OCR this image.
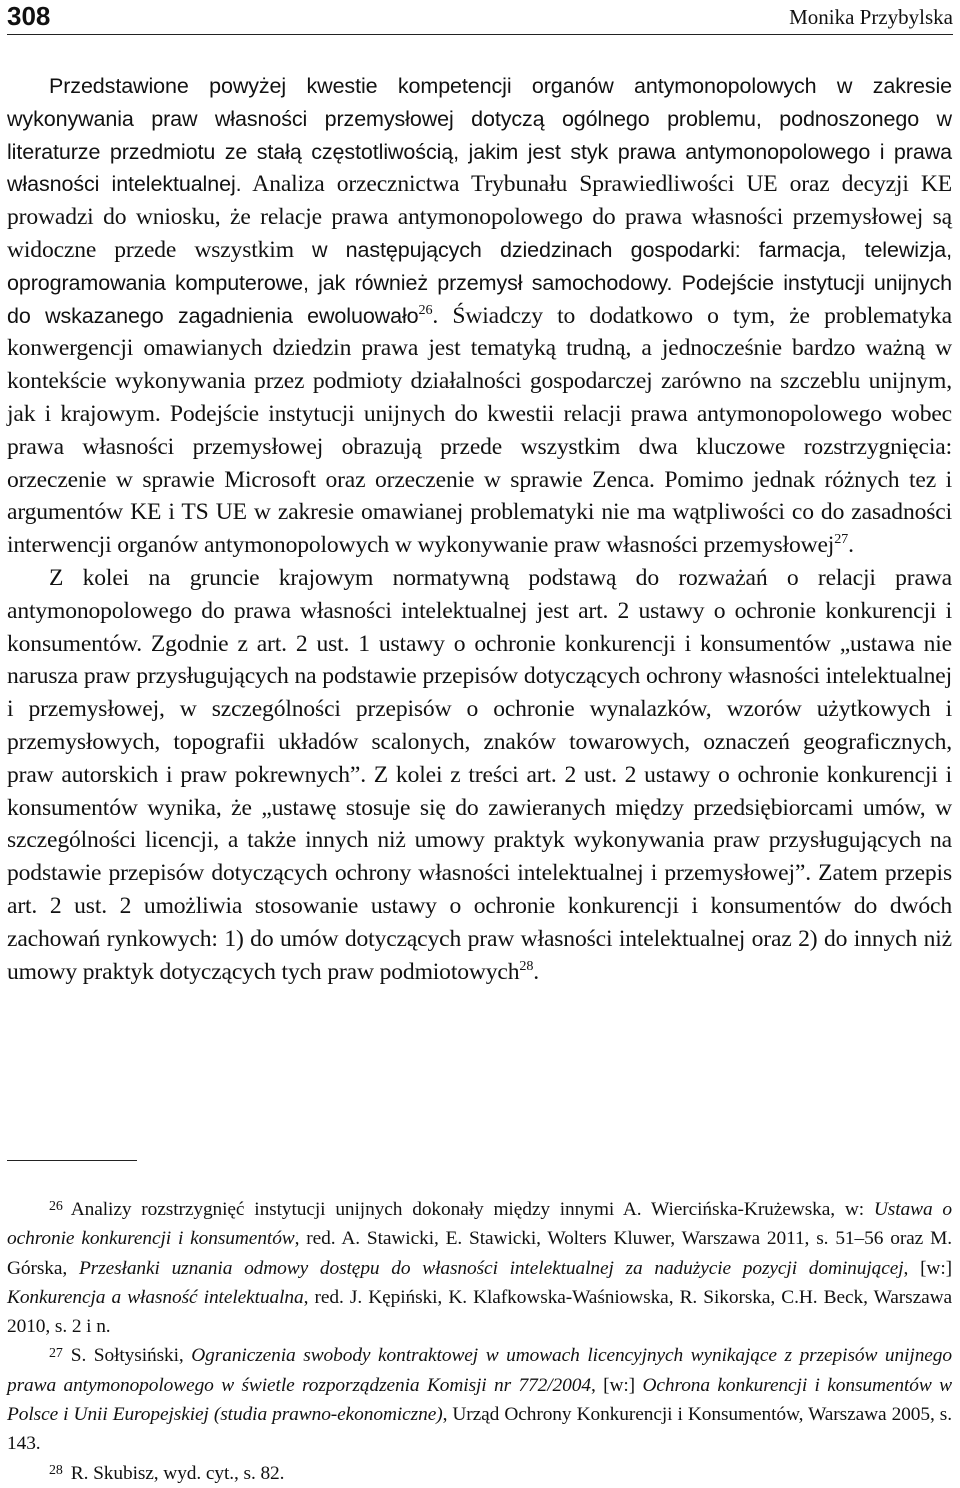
308	Monika Przybylska

Przedstawione powyżej kwestie kompetencji organów antymonopolowych w zakresie wykonywania praw własności przemysłowej dotyczą ogólnego problemu, podnoszonego w literaturze przedmiotu ze stałą częstotliwością, jakim jest styk prawa antymonopolowego i prawa własności intelektualnej. Analiza orzecznictwa Trybunału Sprawiedliwości UE oraz decyzji KE prowadzi do wniosku, że relacje prawa antymonopolowego do prawa własności przemysłowej są widoczne przede wszystkim w następujących dziedzinach gospodarki: farmacja, telewizja, oprogramowania komputerowe, jak również przemysł samochodowy. Podejście instytucji unijnych do wskazanego zagadnienia ewoluowało$^{26}$. Świadczy to dodatkowo o tym, że problematyka konwergencji omawianych dziedzin prawa jest tematyką trudną, a jednocześnie bardzo ważną w kontekście wykonywania przez podmioty działalności gospodarczej zarówno na szczeblu unijnym, jak i krajowym. Podejście instytucji unijnych do kwestii relacji prawa antymonopolowego wobec prawa własności przemysłowej obrazują przede wszystkim dwa kluczowe rozstrzygnięcia: orzeczenie w sprawie Microsoft oraz orzeczenie w sprawie Zenca. Pomimo jednak różnych tez i argumentów KE i TS UE w zakresie omawianej problematyki nie ma wątpliwości co do zasadności interwencji organów antymonopolowych w wykonywanie praw własności przemysłowej$^{27}$.

Z kolei na gruncie krajowym normatywną podstawą do rozważań o relacji prawa antymonopolowego do prawa własności intelektualnej jest art. 2 ustawy o ochronie konkurencji i konsumentów. Zgodnie z art. 2 ust. 1 ustawy o ochronie konkurencji i konsumentów „ustawa nie narusza praw przysługujących na podstawie przepisów dotyczących ochrony własności intelektualnej i przemysłowej, w szczególności przepisów o ochronie wynalazków, wzorów użytkowych i przemysłowych, topografii układów scalonych, znaków towarowych, oznaczeń geograficznych, praw autorskich i praw pokrewnych”. Z kolei z treści art. 2 ust. 2 ustawy o ochronie konkurencji i konsumentów wynika, że „ustawę stosuje się do zawieranych między przedsiębiorcami umów, w szczególności licencji, a także innych niż umowy praktyk wykonywania praw przysługujących na podstawie przepisów dotyczących ochrony własności intelektualnej i przemysłowej”. Zatem przepis art. 2 ust. 2 umożliwia stosowanie ustawy o ochronie konkurencji i konsumentów do dwóch zachowań rynkowych: 1) do umów dotyczących praw własności intelektualnej oraz 2) do innych niż umowy praktyk dotyczących tych praw podmiotowych$^{28}$.

$^{26}$ Analizy rozstrzygnięć instytucji unijnych dokonały między innymi A. Wiercińska-Krużewska, w: Ustawa o ochronie konkurencji i konsumentów, red. A. Stawicki, E. Stawicki, Wolters Kluwer, Warszawa 2011, s. 51–56 oraz M. Górska, Przesłanki uznania odmowy dostępu do własności intelektualnej za nadużycie pozycji dominującej, [w:] Konkurencja a własność intelektualna, red. J. Kępiński, K. Klafkowska-Waśniowska, R. Sikorska, C.H. Beck, Warszawa 2010, s. 2 i n.

$^{27}$ S. Sołtysiński, Ograniczenia swobody kontraktowej w umowach licencyjnych wynikające z przepisów unijnego prawa antymonopolowego w świetle rozporządzenia Komisji nr 772/2004, [w:] Ochrona konkurencji i konsumentów w Polsce i Unii Europejskiej (studia prawno-ekonomiczne), Urząd Ochrony Konkurencji i Konsumentów, Warszawa 2005, s. 143.

$^{28}$ R. Skubisz, wyd. cyt., s. 82.
